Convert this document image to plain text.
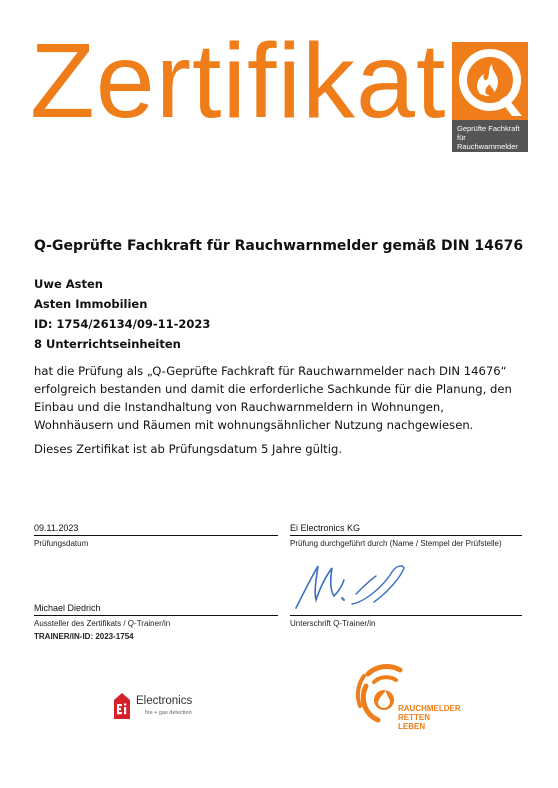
Zertifikat Geprüfte Fachkraft
für Rauchwarnmelder
Q-Geprüfte Fachkraft für Rauchwarnmelder gemäß DIN 14676
Uwe Asten
Asten Immobilien
ID: 1754/26134/09-11-2023
8 Unterrichtseinheiten
hat die Prüfung als „Q-Geprüfte Fachkraft für Rauchwarnmelder nach DIN 14676“ erfolgreich bestanden und damit die erforderliche Sachkunde für die Planung, den Einbau und die Instandhaltung von Rauchwarnmeldern in Wohnungen, Wohnhäusern und Räumen mit wohnungsähnlicher Nutzung nachgewiesen.
Dieses Zertifikat ist ab Prüfungsdatum 5 Jahre gültig.
09.11.2023
Prüfungsdatum
Ei Electronics KG
Prüfung durchgeführt durch (Name / Stempel der Prüfstelle)
Michael Diedrich
Aussteller des Zertifikats / Q-Trainer/in
TRAINER/IN-ID: 2023-1754
Unterschrift Q-Trainer/in
Electronics
fire + gas detection	RAUCHMELDER
RETTEN
LEBEN
